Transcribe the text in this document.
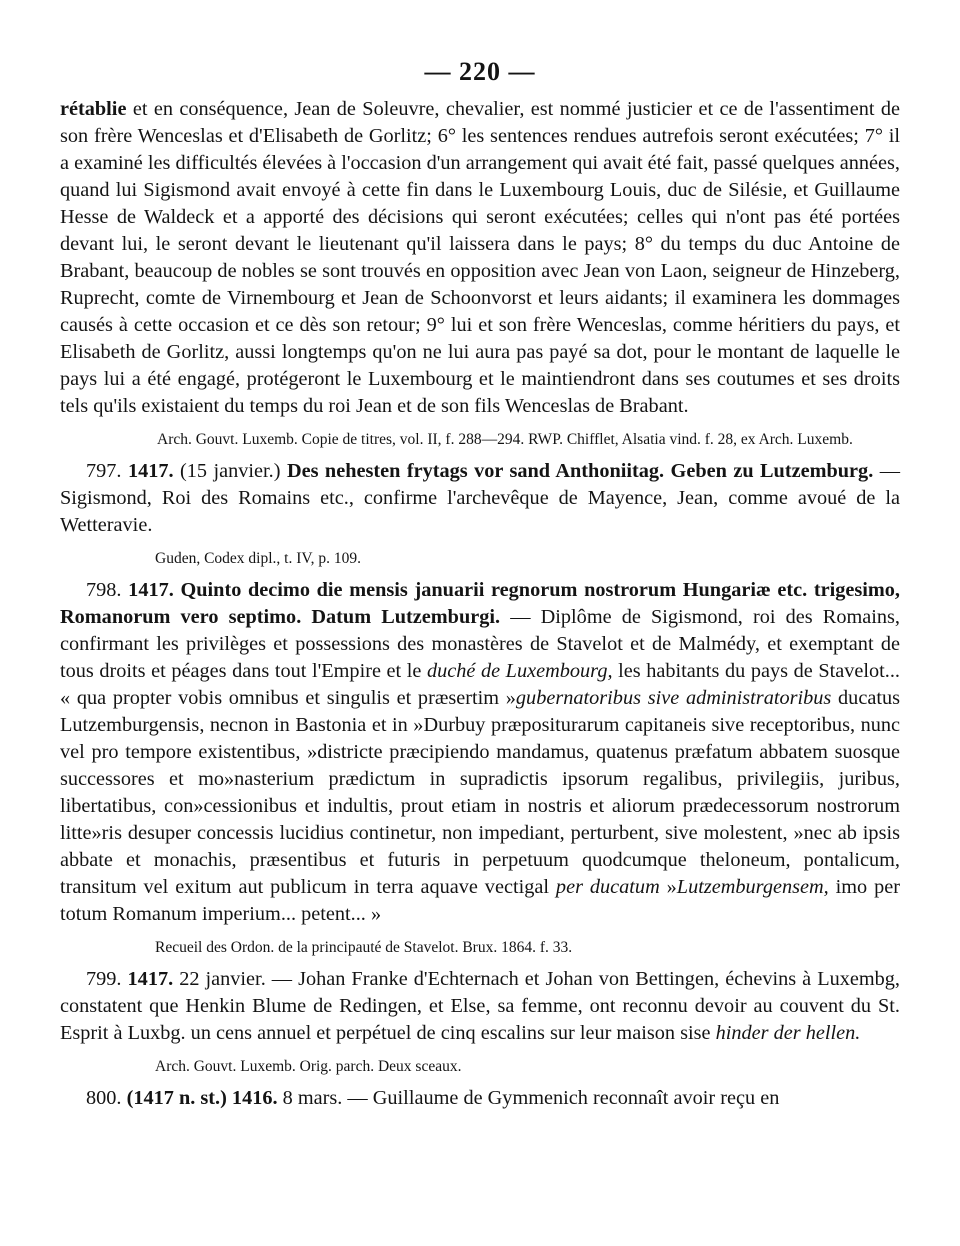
— 220 —

rétablie et en conséquence, Jean de Soleuvre, chevalier, est nommé justicier et ce de l'assentiment de son frère Wenceslas et d'Elisabeth de Gorlitz; 6° les sentences rendues autrefois seront exécutées; 7° il a examiné les difficultés élevées à l'occasion d'un arrangement qui avait été fait, passé quelques années, quand lui Sigismond avait envoyé à cette fin dans le Luxembourg Louis, duc de Silésie, et Guillaume Hesse de Waldeck et a apporté des décisions qui seront exécutées; celles qui n'ont pas été portées devant lui, le seront devant le lieutenant qu'il laissera dans le pays; 8° du temps du duc Antoine de Brabant, beaucoup de nobles se sont trouvés en opposition avec Jean von Laon, seigneur de Hinzeberg, Ruprecht, comte de Virnembourg et Jean de Schoonvorst et leurs aidants; il examinera les dommages causés à cette occasion et ce dès son retour; 9° lui et son frère Wenceslas, comme héritiers du pays, et Elisabeth de Gorlitz, aussi longtemps qu'on ne lui aura pas payé sa dot, pour le montant de laquelle le pays lui a été engagé, protégeront le Luxembourg et le maintiendront dans ses coutumes et ses droits tels qu'ils existaient du temps du roi Jean et de son fils Wenceslas de Brabant.

Arch. Gouvt. Luxemb. Copie de titres, vol. II, f. 288—294. RWP. Chifflet, Alsatia vind. f. 28, ex Arch. Luxemb.

797. 1417. (15 janvier.) Des nehesten frytags vor sand Anthoniitag. Geben zu Lutzemburg. —Sigismond, Roi des Romains etc., confirme l'archevêque de Mayence, Jean, comme avoué de la Wetteravie.

Guden, Codex dipl., t. IV, p. 109.

798. 1417. Quinto decimo die mensis januarii regnorum nostrorum Hungariæ etc. trigesimo, Romanorum vero septimo. Datum Lutzemburgi. — Diplôme de Sigismond, roi des Romains, confirmant les privilèges et possessions des monastères de Stavelot et de Malmédy, et exemptant de tous droits et péages dans tout l'Empire et le duché de Luxembourg, les habitants du pays de Stavelot... « qua propter vobis omnibus et singulis et præsertim »gubernatoribus sive administratoribus ducatus Lutzemburgensis, necnon in Bastonia et in »Durbuy præpositurarum capitaneis sive receptoribus, nunc vel pro tempore existentibus, »districte præcipiendo mandamus, quatenus præfatum abbatem suosque successores et mo»nasterium prædictum in supradictis ipsorum regalibus, privilegiis, juribus, libertatibus, con»cessionibus et indultis, prout etiam in nostris et aliorum prædecessorum nostrorum litte»ris desuper concessis lucidius continetur, non impediant, perturbent, sive molestent, »nec ab ipsis abbate et monachis, præsentibus et futuris in perpetuum quodcumque theloneum, pontalicum, transitum vel exitum aut publicum in terra aquave vectigal per ducatum »Lutzemburgensem, imo per totum Romanum imperium... petent... »

Recueil des Ordon. de la principauté de Stavelot. Brux. 1864. f. 33.

799. 1417. 22 janvier. — Johan Franke d'Echternach et Johan von Bettingen, échevins à Luxembg, constatent que Henkin Blume de Redingen, et Else, sa femme, ont reconnu devoir au couvent du St. Esprit à Luxbg. un cens annuel et perpétuel de cinq escalins sur leur maison sise hinder der hellen.

Arch. Gouvt. Luxemb. Orig. parch. Deux sceaux.

800. (1417 n. st.) 1416. 8 mars. — Guillaume de Gymmenich reconnaît avoir reçu en
